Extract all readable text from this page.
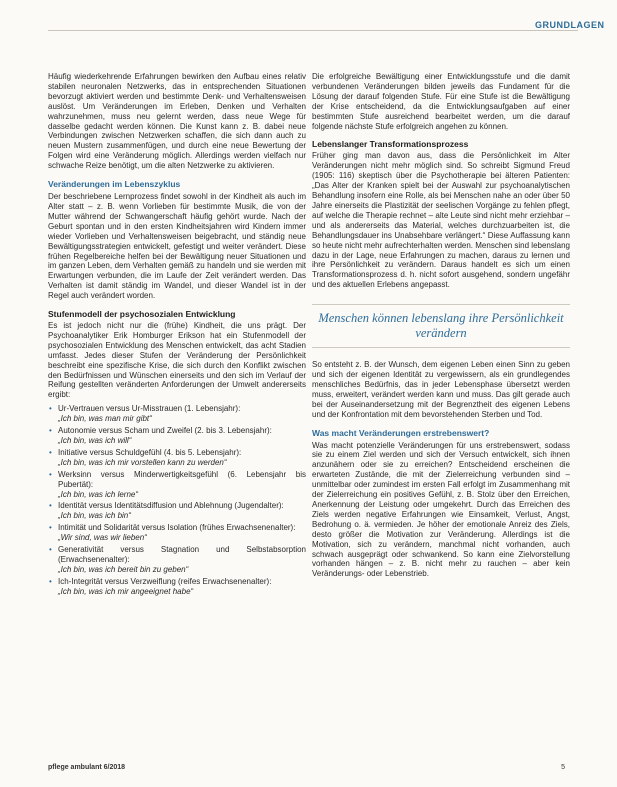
GRUNDLAGEN

Häufig wiederkehrende Erfahrungen bewirken den Aufbau eines relativ stabilen neuronalen Netzwerks, das in entsprechenden Situationen bevorzugt aktiviert werden und bestimmte Denk- und Verhaltensweisen auslöst. Um Veränderungen im Erleben, Denken und Verhalten wahrzunehmen, muss neu gelernt werden, dass neue Wege für dasselbe gedacht werden können. Die Kunst kann z. B. dabei neue Verbindungen zwischen Netzwerken schaffen, die sich dann auch zu neuen Mustern zusammenfügen, und durch eine neue Bewertung der Folgen wird eine Veränderung möglich. Allerdings werden vielfach nur schwache Reize benötigt, um die alten Netzwerke zu aktivieren.

Veränderungen im Lebenszyklus

Der beschriebene Lernprozess findet sowohl in der Kindheit als auch im Alter statt – z. B. wenn Vorlieben für bestimmte Musik, die von der Mutter während der Schwangerschaft häufig gehört wurde. Nach der Geburt spontan und in den ersten Kindheitsjahren wird Kindern immer wieder Vorlieben und Verhaltensweisen beigebracht, und ständig neue Bewältigungsstrategien entwickelt, gefestigt und weiter verändert. Diese frühen Regelbereiche helfen bei der Bewältigung neuer Situationen und im ganzen Leben, dem Verhalten gemäß zu handeln und sie werden mit Erwartungen verbunden, die im Laufe der Zeit verändert werden. Das Verhalten ist damit ständig im Wandel, und dieser Wandel ist in der Regel auch verändert worden.

Stufenmodell der psychosozialen Entwicklung

Es ist jedoch nicht nur die (frühe) Kindheit, die uns prägt. Der Psychoanalytiker Erik Homburger Erikson hat ein Stufenmodell der psychosozialen Entwicklung des Menschen entwickelt, das acht Stadien umfasst. Jedes dieser Stufen der Veränderung der Persönlichkeit beschreibt eine spezifische Krise, die sich durch den Konflikt zwischen den Bedürfnissen und Wünschen einerseits und den sich im Verlauf der Reifung gestellten veränderten Anforderungen der Umwelt andererseits ergibt:

• Ur-Vertrauen versus Ur-Misstrauen (1. Lebensjahr):
„Ich bin, was man mir gibt“
• Autonomie versus Scham und Zweifel (2. bis 3. Lebensjahr):
„Ich bin, was ich will“
• Initiative versus Schuldgefühl (4. bis 5. Lebensjahr):
„Ich bin, was ich mir vorstellen kann zu werden“
• Werksinn versus Minderwertigkeitsgefühl (6. Lebensjahr bis Pubertät):
„Ich bin, was ich lerne“
• Identität versus Identitätsdiffusion und Ablehnung (Jugendalter):
„Ich bin, was ich bin“
• Intimität und Solidarität versus Isolation (frühes Erwachsenenalter):
„Wir sind, was wir lieben“
• Generativität versus Stagnation und Selbstabsorption (Erwachsenenalter):
„Ich bin, was ich bereit bin zu geben“
• Ich-Integrität versus Verzweiflung (reifes Erwachsenenalter):
„Ich bin, was ich mir angeeignet habe“

Die erfolgreiche Bewältigung einer Entwicklungsstufe und die damit verbundenen Veränderungen bilden jeweils das Fundament für die Lösung der darauf folgenden Stufe. Für eine Stufe ist die Bewältigung der Krise entscheidend, da die Entwicklungsaufgaben auf einer bestimmten Stufe ausreichend bearbeitet werden, um die darauf folgende nächste Stufe erfolgreich angehen zu können.

Lebenslanger Transformationsprozess

Früher ging man davon aus, dass die Persönlichkeit im Alter Veränderungen nicht mehr möglich sind. So schreibt Sigmund Freud (1905: 116) skeptisch über die Psychotherapie bei älteren Patienten: „Das Alter der Kranken spielt bei der Auswahl zur psychoanalytischen Behandlung insofern eine Rolle, als bei Menschen nahe an oder über 50 Jahre einerseits die Plastizität der seelischen Vorgänge zu fehlen pflegt, auf welche die Therapie rechnet – alte Leute sind nicht mehr erziehbar – und als andererseits das Material, welches durchzuarbeiten ist, die Behandlungsdauer ins Unabsehbare verlängert.“ Diese Auffassung kann so heute nicht mehr aufrechterhalten werden. Menschen sind lebenslang dazu in der Lage, neue Erfahrungen zu machen, daraus zu lernen und ihre Persönlichkeit zu verändern. Daraus handelt es sich um einen Transformationsprozess d. h. nicht sofort ausgehend, sondern ungefähr und des aktuellen Erlebens angepasst.

Menschen können lebenslang ihre Persönlichkeit verändern

So entsteht z. B. der Wunsch, dem eigenen Leben einen Sinn zu geben und sich der eigenen Identität zu vergewissern, als ein grundlegendes menschliches Bedürfnis, das in jeder Lebensphase übersetzt werden muss, erweitert, verändert werden kann und muss. Das gilt gerade auch bei der Auseinandersetzung mit der Begrenztheit des eigenen Lebens und der Konfrontation mit dem bevorstehenden Sterben und Tod.

Was macht Veränderungen erstrebenswert?

Was macht potenzielle Veränderungen für uns erstrebenswert, sodass sie zu einem Ziel werden und sich der Versuch entwickelt, sich ihnen anzunähern oder sie zu erreichen? Entscheidend erscheinen die erwarteten Zustände, die mit der Zielerreichung verbunden sind – unmittelbar oder zumindest im ersten Fall erfolgt im Zusammenhang mit der Zielerreichung ein positives Gefühl, z. B. Stolz über den Erreichen, Anerkennung der Leistung oder umgekehrt. Durch das Erreichen des Ziels werden negative Erfahrungen wie Einsamkeit, Verlust, Angst, Bedrohung o. ä. vermieden. Je höher der emotionale Anreiz des Ziels, desto größer die Motivation zur Veränderung. Allerdings ist die Motivation, sich zu verändern, manchmal nicht vorhanden, auch schwach ausgeprägt oder schwankend. So kann eine Zielvorstellung vorhanden hängen – z. B. nicht mehr zu rauchen – aber kein Veränderungs- oder Lebenstrieb.

pflege ambulant 6/2018	5
